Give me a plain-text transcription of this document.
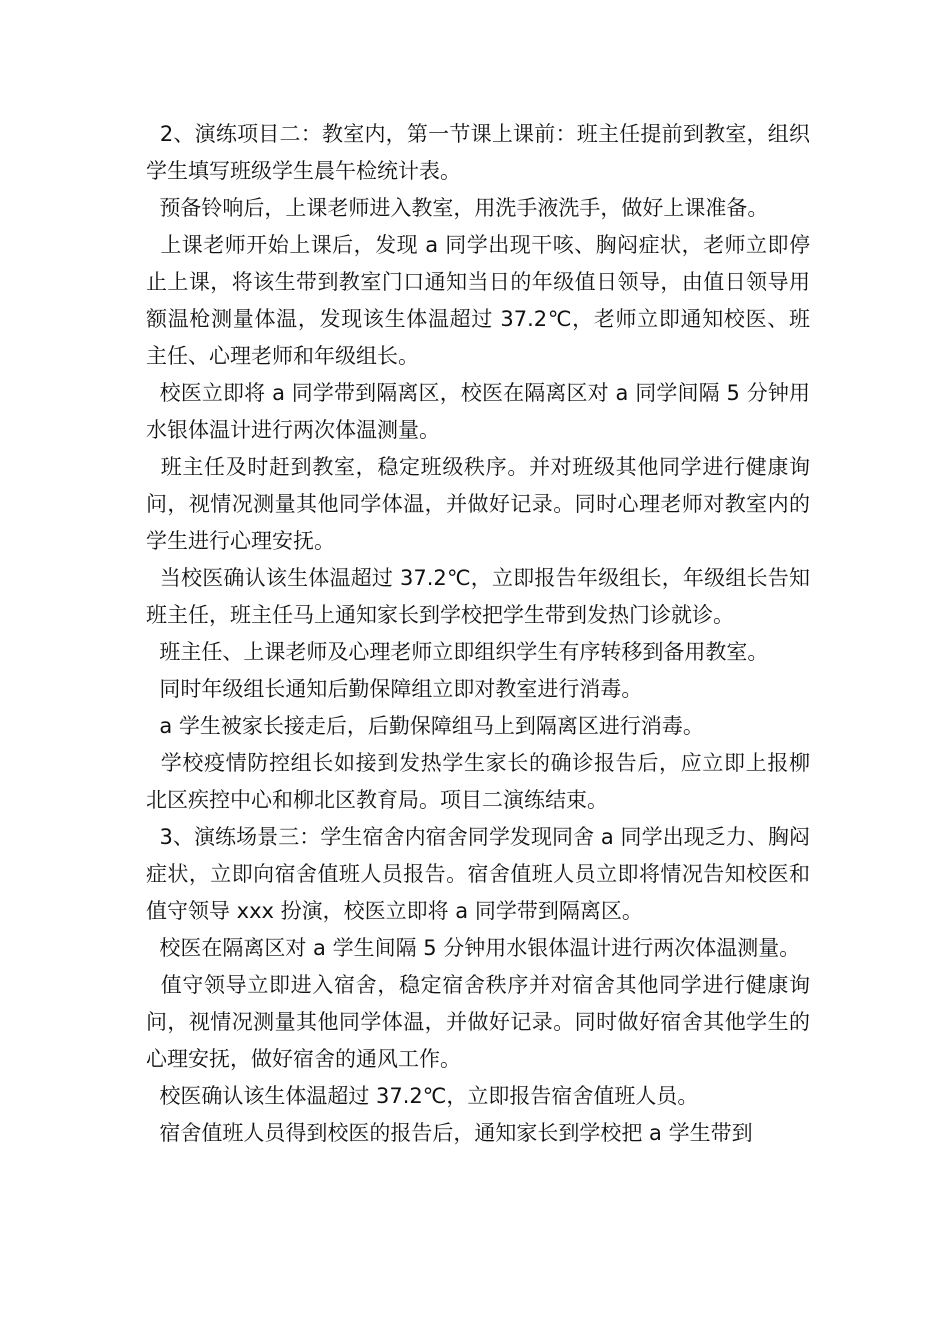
2、演练项目二：教室内，第一节课上课前：班主任提前到教室，组织学生填写班级学生晨午检统计表。

预备铃响后，上课老师进入教室，用洗手液洗手，做好上课准备。

上课老师开始上课后，发现 a 同学出现干咳、胸闷症状，老师立即停止上课，将该生带到教室门口通知当日的年级值日领导，由值日领导用额温枪测量体温，发现该生体温超过 37.2℃，老师立即通知校医、班主任、心理老师和年级组长。

校医立即将 a 同学带到隔离区，校医在隔离区对 a 同学间隔 5 分钟用水银体温计进行两次体温测量。

班主任及时赶到教室，稳定班级秩序。并对班级其他同学进行健康询问，视情况测量其他同学体温，并做好记录。同时心理老师对教室内的学生进行心理安抚。

当校医确认该生体温超过 37.2℃，立即报告年级组长，年级组长告知班主任，班主任马上通知家长到学校把学生带到发热门诊就诊。

班主任、上课老师及心理老师立即组织学生有序转移到备用教室。

同时年级组长通知后勤保障组立即对教室进行消毒。

a 学生被家长接走后，后勤保障组马上到隔离区进行消毒。

学校疫情防控组长如接到发热学生家长的确诊报告后，应立即上报柳北区疾控中心和柳北区教育局。项目二演练结束。

3、演练场景三：学生宿舍内宿舍同学发现同舍 a 同学出现乏力、胸闷症状，立即向宿舍值班人员报告。宿舍值班人员立即将情况告知校医和值守领导 xxx 扮演，校医立即将 a 同学带到隔离区。

校医在隔离区对 a 学生间隔 5 分钟用水银体温计进行两次体温测量。

值守领导立即进入宿舍，稳定宿舍秩序并对宿舍其他同学进行健康询问，视情况测量其他同学体温，并做好记录。同时做好宿舍其他学生的心理安抚，做好宿舍的通风工作。

校医确认该生体温超过 37.2℃，立即报告宿舍值班人员。

宿舍值班人员得到校医的报告后，通知家长到学校把 a 学生带到
